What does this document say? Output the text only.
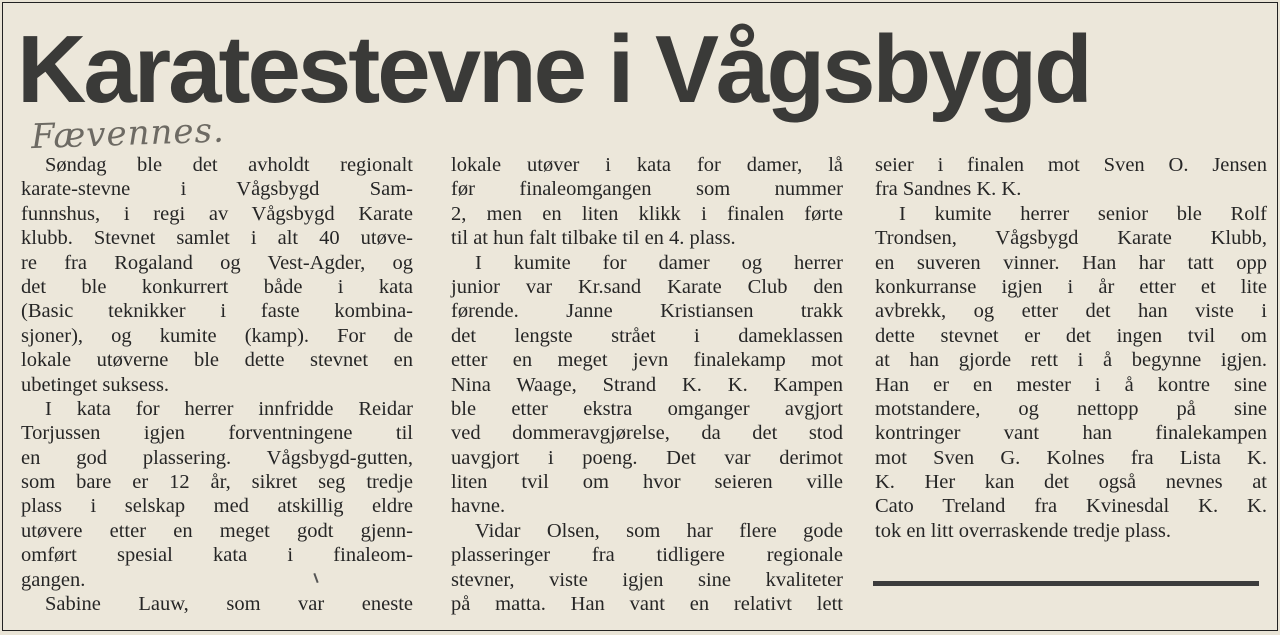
Karatestevne i Vågsbygd
Fævennes.
Søndag ble det avholdt regionalt
karate-stevne i Vågsbygd Sam-
funnshus, i regi av Vågsbygd Karate
klubb. Stevnet samlet i alt 40 utøve-
re fra Rogaland og Vest-Agder, og
det ble konkurrert både i kata
(Basic teknikker i faste kombina-
sjoner), og kumite (kamp). For de
lokale utøverne ble dette stevnet en
ubetinget suksess.
I kata for herrer innfridde Reidar
Torjussen igjen forventningene til
en god plassering. Vågsbygd-gutten,
som bare er 12 år, sikret seg tredje
plass i selskap med atskillig eldre
utøvere etter en meget godt gjenn-
omført spesial kata i finaleom-
gangen.
Sabine Lauw, som var eneste
lokale utøver i kata for damer, lå
før finaleomgangen som nummer
2, men en liten klikk i finalen førte
til at hun falt tilbake til en 4. plass.
I kumite for damer og herrer
junior var Kr.sand Karate Club den
førende. Janne Kristiansen trakk
det lengste strået i dameklassen
etter en meget jevn finalekamp mot
Nina Waage, Strand K. K. Kampen
ble etter ekstra omganger avgjort
ved dommeravgjørelse, da det stod
uavgjort i poeng. Det var derimot
liten tvil om hvor seieren ville
havne.
Vidar Olsen, som har flere gode
plasseringer fra tidligere regionale
stevner, viste igjen sine kvaliteter
på matta. Han vant en relativt lett
seier i finalen mot Sven O. Jensen
fra Sandnes K. K.
I kumite herrer senior ble Rolf
Trondsen, Vågsbygd Karate Klubb,
en suveren vinner. Han har tatt opp
konkurranse igjen i år etter et lite
avbrekk, og etter det han viste i
dette stevnet er det ingen tvil om
at han gjorde rett i å begynne igjen.
Han er en mester i å kontre sine
motstandere, og nettopp på sine
kontringer vant han finalekampen
mot Sven G. Kolnes fra Lista K.
K. Her kan det også nevnes at
Cato Treland fra Kvinesdal K. K.
tok en litt overraskende tredje plass.
